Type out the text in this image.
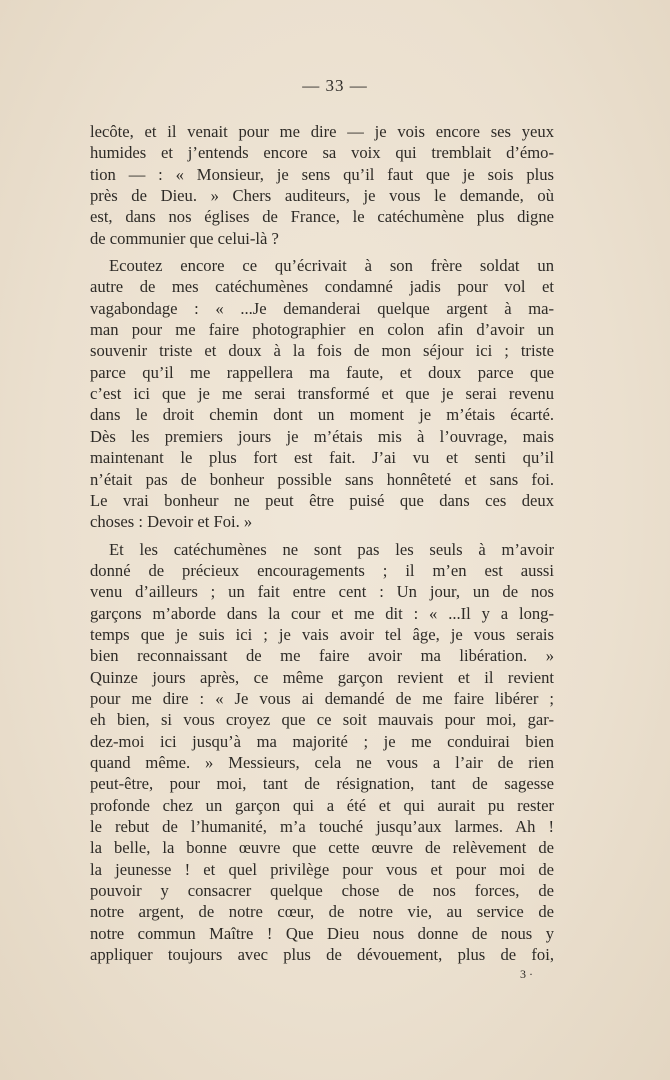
— 33 —
lecôte, et il venait pour me dire — je vois encore ses yeux
humides et j’entends encore sa voix qui tremblait d’émo-
tion — : « Monsieur, je sens qu’il faut que je sois plus
près de Dieu. » Chers auditeurs, je vous le demande, où
est, dans nos églises de France, le catéchumène plus digne
de communier que celui-là ?
Ecoutez encore ce qu’écrivait à son frère soldat un
autre de mes catéchumènes condamné jadis pour vol et
vagabondage : « ...Je demanderai quelque argent à ma-
man pour me faire photographier en colon afin d’avoir un
souvenir triste et doux à la fois de mon séjour ici ; triste
parce qu’il me rappellera ma faute, et doux parce que
c’est ici que je me serai transformé et que je serai revenu
dans le droit chemin dont un moment je m’étais écarté.
Dès les premiers jours je m’étais mis à l’ouvrage, mais
maintenant le plus fort est fait. J’ai vu et senti qu’il
n’était pas de bonheur possible sans honnêteté et sans foi.
Le vrai bonheur ne peut être puisé que dans ces deux
choses : Devoir et Foi. »
Et les catéchumènes ne sont pas les seuls à m’avoir
donné de précieux encouragements ; il m’en est aussi
venu d’ailleurs ; un fait entre cent : Un jour, un de nos
garçons m’aborde dans la cour et me dit : « ...Il y a long-
temps que je suis ici ; je vais avoir tel âge, je vous serais
bien reconnaissant de me faire avoir ma libération. »
Quinze jours après, ce même garçon revient et il revient
pour me dire : « Je vous ai demandé de me faire libérer ;
eh bien, si vous croyez que ce soit mauvais pour moi, gar-
dez-moi ici jusqu’à ma majorité ; je me conduirai bien
quand même. » Messieurs, cela ne vous a l’air de rien
peut-être, pour moi, tant de résignation, tant de sagesse
profonde chez un garçon qui a été et qui aurait pu rester
le rebut de l’humanité, m’a touché jusqu’aux larmes. Ah !
la belle, la bonne œuvre que cette œuvre de relèvement de
la jeunesse ! et quel privilège pour vous et pour moi de
pouvoir y consacrer quelque chose de nos forces, de
notre argent, de notre cœur, de notre vie, au service de
notre commun Maître ! Que Dieu nous donne de nous y
appliquer toujours avec plus de dévouement, plus de foi,
3 ·
